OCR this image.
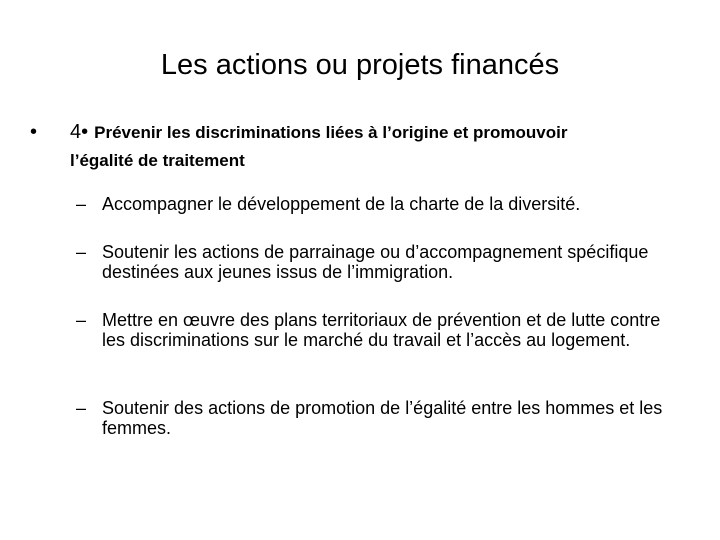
Les actions ou projets financés
• 4• Prévenir les discriminations liées à l’origine et promouvoir
l’égalité de traitement
– Accompagner le développement de la charte de la diversité.
– Soutenir les actions de parrainage ou d’accompagnement spécifique destinées aux jeunes issus de l’immigration.
– Mettre en œuvre des plans territoriaux de prévention et de lutte contre les discriminations sur le marché du travail et l’accès au logement.
– Soutenir des actions de promotion de l’égalité entre les hommes et les femmes.
